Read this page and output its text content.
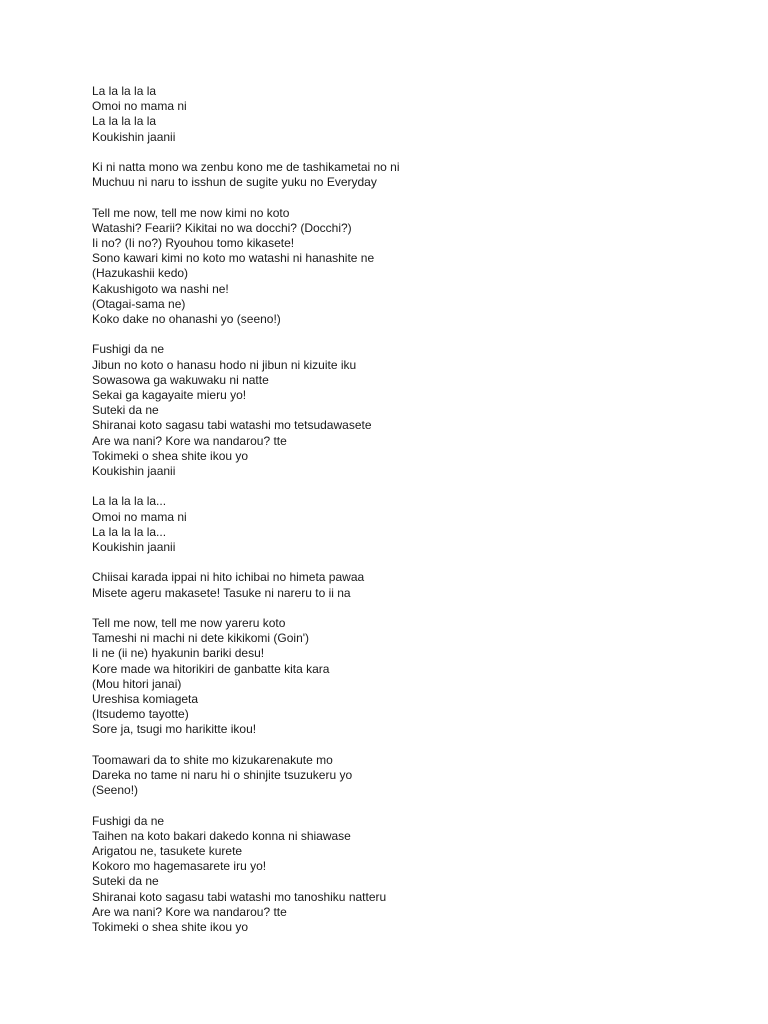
La la la la la
Omoi no mama ni
La la la la la
Koukishin jaanii
Ki ni natta mono wa zenbu kono me de tashikametai no ni
Muchuu ni naru to isshun de sugite yuku no Everyday
Tell me now, tell me now kimi no koto
Watashi? Fearii? Kikitai no wa docchi? (Docchi?)
Ii no? (Ii no?) Ryouhou tomo kikasete!
Sono kawari kimi no koto mo watashi ni hanashite ne
(Hazukashii kedo)
Kakushigoto wa nashi ne!
(Otagai-sama ne)
Koko dake no ohanashi yo (seeno!)
Fushigi da ne
Jibun no koto o hanasu hodo ni jibun ni kizuite iku
Sowasowa ga wakuwaku ni natte
Sekai ga kagayaite mieru yo!
Suteki da ne
Shiranai koto sagasu tabi watashi mo tetsudawasete
Are wa nani? Kore wa nandarou? tte
Tokimeki o shea shite ikou yo
Koukishin jaanii
La la la la la...
Omoi no mama ni
La la la la la...
Koukishin jaanii
Chiisai karada ippai ni hito ichibai no himeta pawaa
Misete ageru makasete! Tasuke ni nareru to ii na
Tell me now, tell me now yareru koto
Tameshi ni machi ni dete kikikomi (Goin')
Ii ne (ii ne) hyakunin bariki desu!
Kore made wa hitorikiri de ganbatte kita kara
(Mou hitori janai)
Ureshisa komiageta
(Itsudemo tayotte)
Sore ja, tsugi mo harikitte ikou!
Toomawari da to shite mo kizukarenakute mo
Dareka no tame ni naru hi o shinjite tsuzukeru yo
(Seeno!)
Fushigi da ne
Taihen na koto bakari dakedo konna ni shiawase
Arigatou ne, tasukete kurete
Kokoro mo hagemasarete iru yo!
Suteki da ne
Shiranai koto sagasu tabi watashi mo tanoshiku natteru
Are wa nani? Kore wa nandarou? tte
Tokimeki o shea shite ikou yo
